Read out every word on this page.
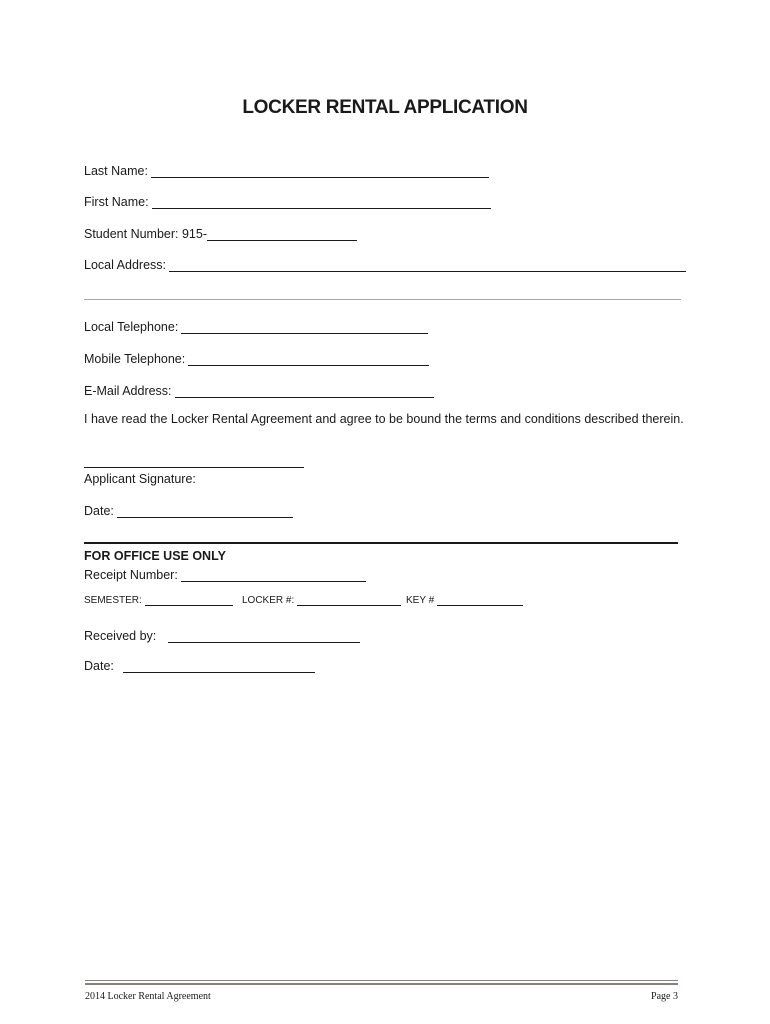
LOCKER RENTAL APPLICATION
Last Name:
First Name:
Student Number: 915-
Local Address:
Local Telephone:
Mobile Telephone:
E-Mail Address:
I have read the Locker Rental Agreement and agree to be bound the terms and conditions described therein.
Applicant Signature:
Date:
FOR OFFICE USE ONLY
Receipt Number:
SEMESTER:	LOCKER #:	KEY #
Received by:
Date:
2014 Locker Rental Agreement	Page 3
